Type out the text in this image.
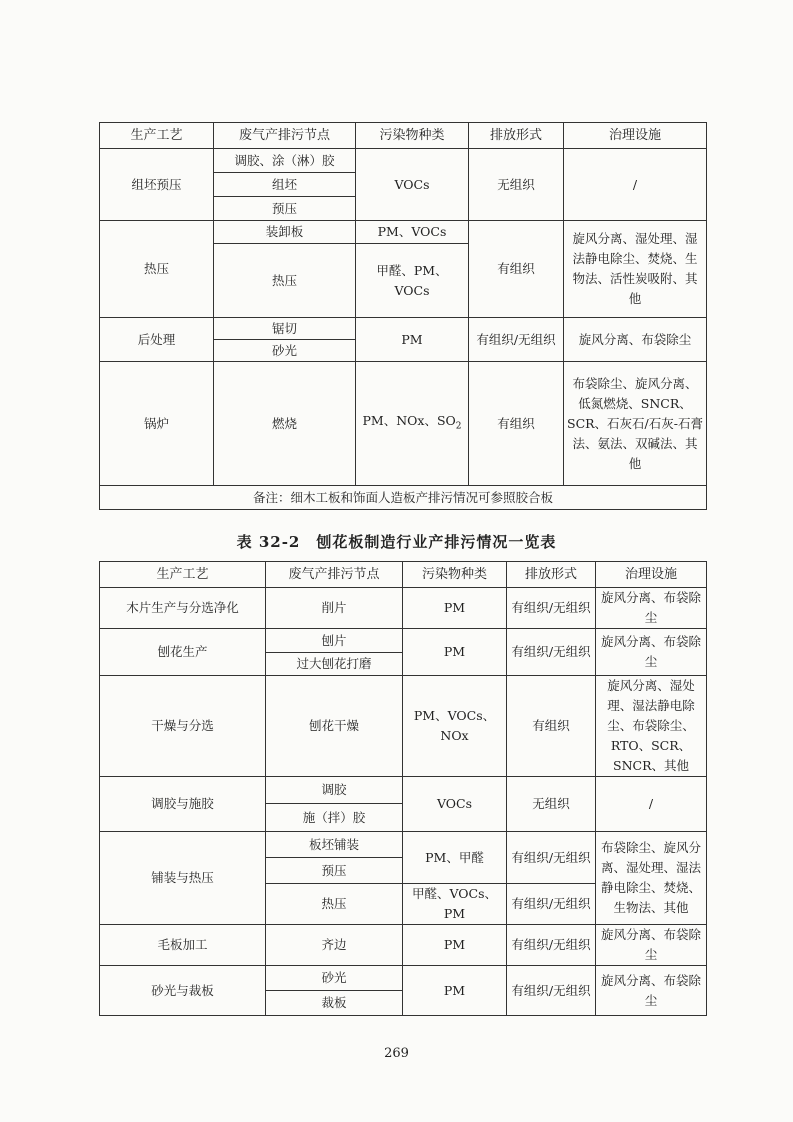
生产工艺	废气产排污节点	污染物种类	排放形式	治理设施
组坯预压	调胶、涂（淋）胶	VOCs	无组织	/
	组坯			
	预压			
热压	装卸板	PM、VOCs	有组织	旋风分离、湿处理、湿法静电除尘、焚烧、生物法、活性炭吸附、其他
	热压	甲醛、PM、VOCs		
后处理	锯切	PM	有组织/无组织	旋风分离、布袋除尘
	砂光			
锅炉	燃烧	PM、NOx、$SO_2$	有组织	布袋除尘、旋风分离、低氮燃烧、SNCR、SCR、石灰石/石灰-石膏法、氨法、双碱法、其他
备注：细木工板和饰面人造板产排污情况可参照胶合板				
表 32-2　刨花板制造行业产排污情况一览表
生产工艺	废气产排污节点	污染物种类	排放形式	治理设施
木片生产与分选净化	削片	PM	有组织/无组织	旋风分离、布袋除尘
刨花生产	刨片	PM	有组织/无组织	旋风分离、布袋除尘
	过大刨花打磨			
干燥与分选	刨花干燥	PM、VOCs、NOx	有组织	旋风分离、湿处理、湿法静电除尘、布袋除尘、RTO、SCR、SNCR、其他
调胶与施胶	调胶	VOCs	无组织	/
	施（拌）胶			
铺装与热压	板坯铺装	PM、甲醛	有组织/无组织	布袋除尘、旋风分离、湿处理、湿法静电除尘、焚烧、生物法、其他
	预压			
	热压	甲醛、VOCs、PM	有组织/无组织	
毛板加工	齐边	PM	有组织/无组织	旋风分离、布袋除尘
砂光与裁板	砂光	PM	有组织/无组织	旋风分离、布袋除尘
	裁板			
269
